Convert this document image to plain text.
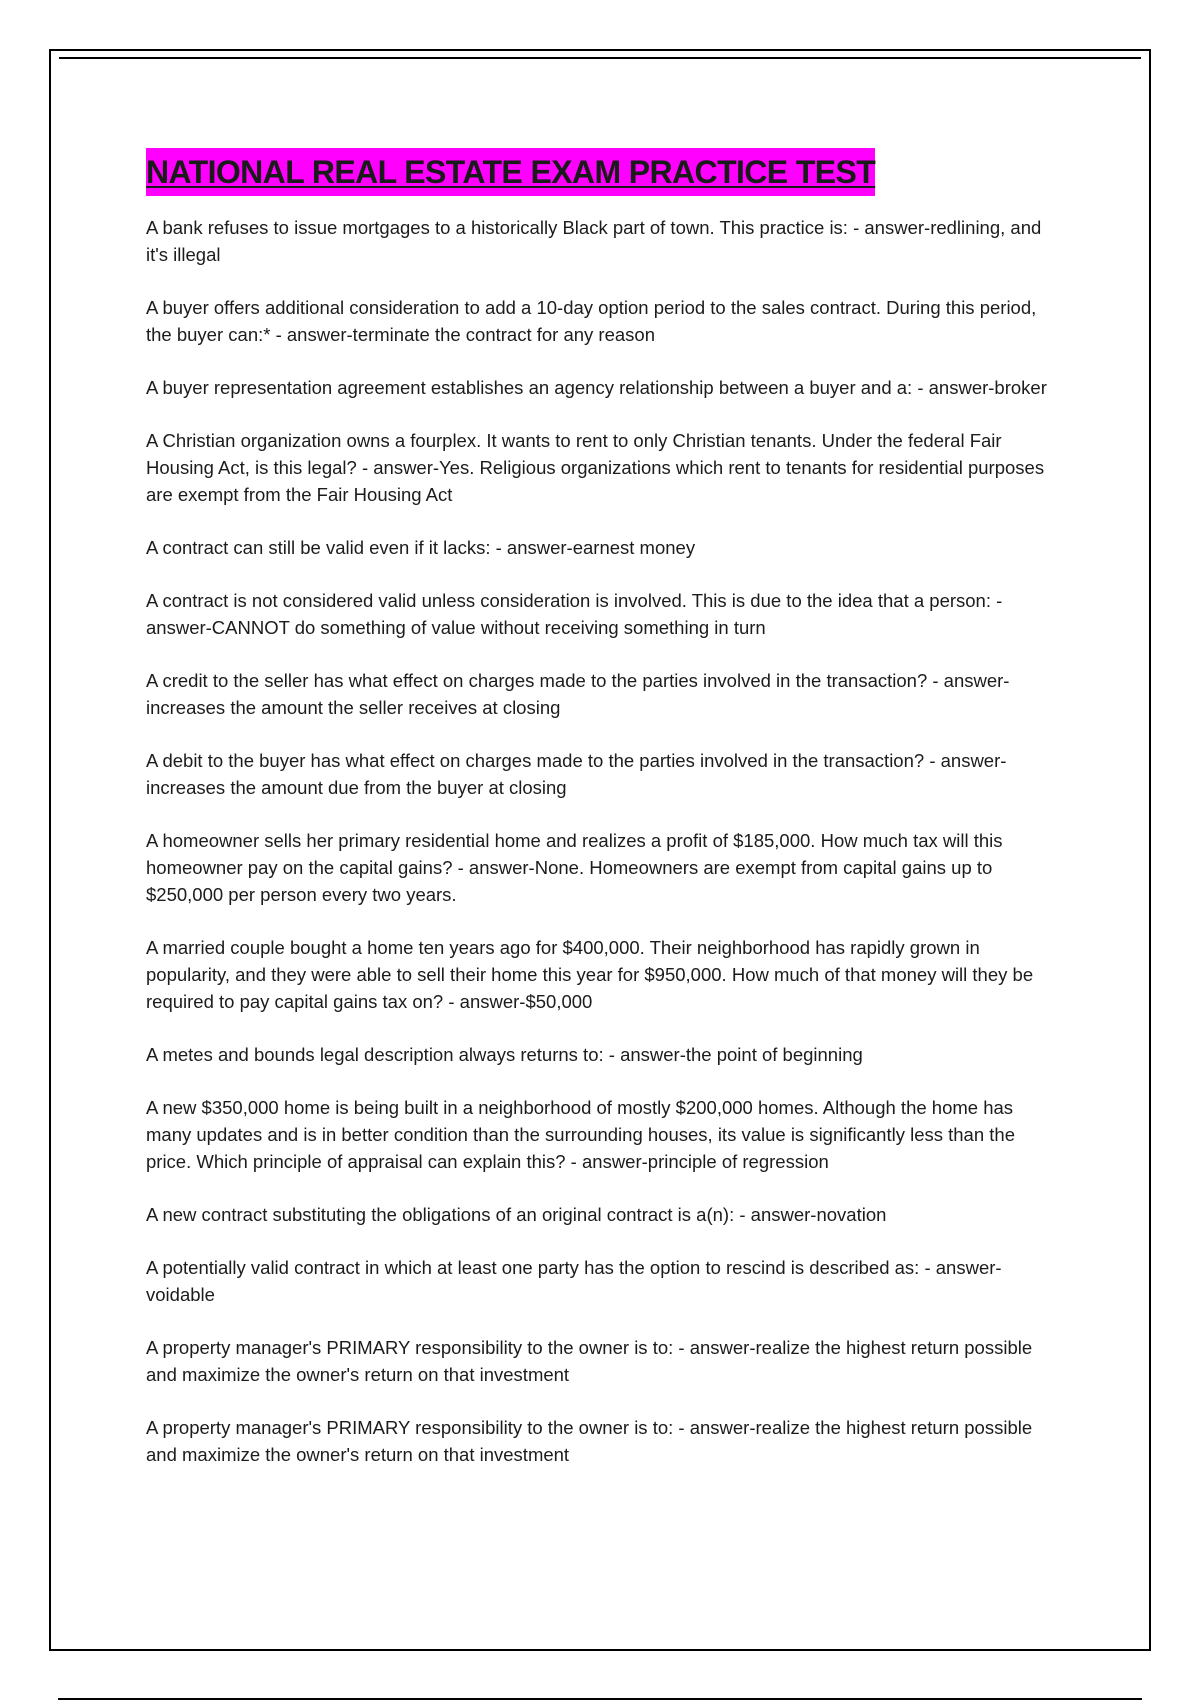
NATIONAL REAL ESTATE EXAM PRACTICE TEST

A bank refuses to issue mortgages to a historically Black part of town. This practice is: - answer-redlining, and it's illegal

A buyer offers additional consideration to add a 10-day option period to the sales contract. During this period, the buyer can:* - answer-terminate the contract for any reason

A buyer representation agreement establishes an agency relationship between a buyer and a: - answer-broker

A Christian organization owns a fourplex. It wants to rent to only Christian tenants. Under the federal Fair Housing Act, is this legal? - answer-Yes. Religious organizations which rent to tenants for residential purposes are exempt from the Fair Housing Act

A contract can still be valid even if it lacks: - answer-earnest money

A contract is not considered valid unless consideration is involved. This is due to the idea that a person: - answer-CANNOT do something of value without receiving something in turn

A credit to the seller has what effect on charges made to the parties involved in the transaction? - answer-increases the amount the seller receives at closing

A debit to the buyer has what effect on charges made to the parties involved in the transaction? - answer-increases the amount due from the buyer at closing

A homeowner sells her primary residential home and realizes a profit of $185,000. How much tax will this homeowner pay on the capital gains? - answer-None. Homeowners are exempt from capital gains up to $250,000 per person every two years.

A married couple bought a home ten years ago for $400,000. Their neighborhood has rapidly grown in popularity, and they were able to sell their home this year for $950,000. How much of that money will they be required to pay capital gains tax on? - answer-$50,000

A metes and bounds legal description always returns to: - answer-the point of beginning

A new $350,000 home is being built in a neighborhood of mostly $200,000 homes. Although the home has many updates and is in better condition than the surrounding houses, its value is significantly less than the price. Which principle of appraisal can explain this? - answer-principle of regression

A new contract substituting the obligations of an original contract is a(n): - answer-novation

A potentially valid contract in which at least one party has the option to rescind is described as: - answer-voidable

A property manager's PRIMARY responsibility to the owner is to: - answer-realize the highest return possible and maximize the owner's return on that investment

A property manager's PRIMARY responsibility to the owner is to: - answer-realize the highest return possible and maximize the owner's return on that investment
